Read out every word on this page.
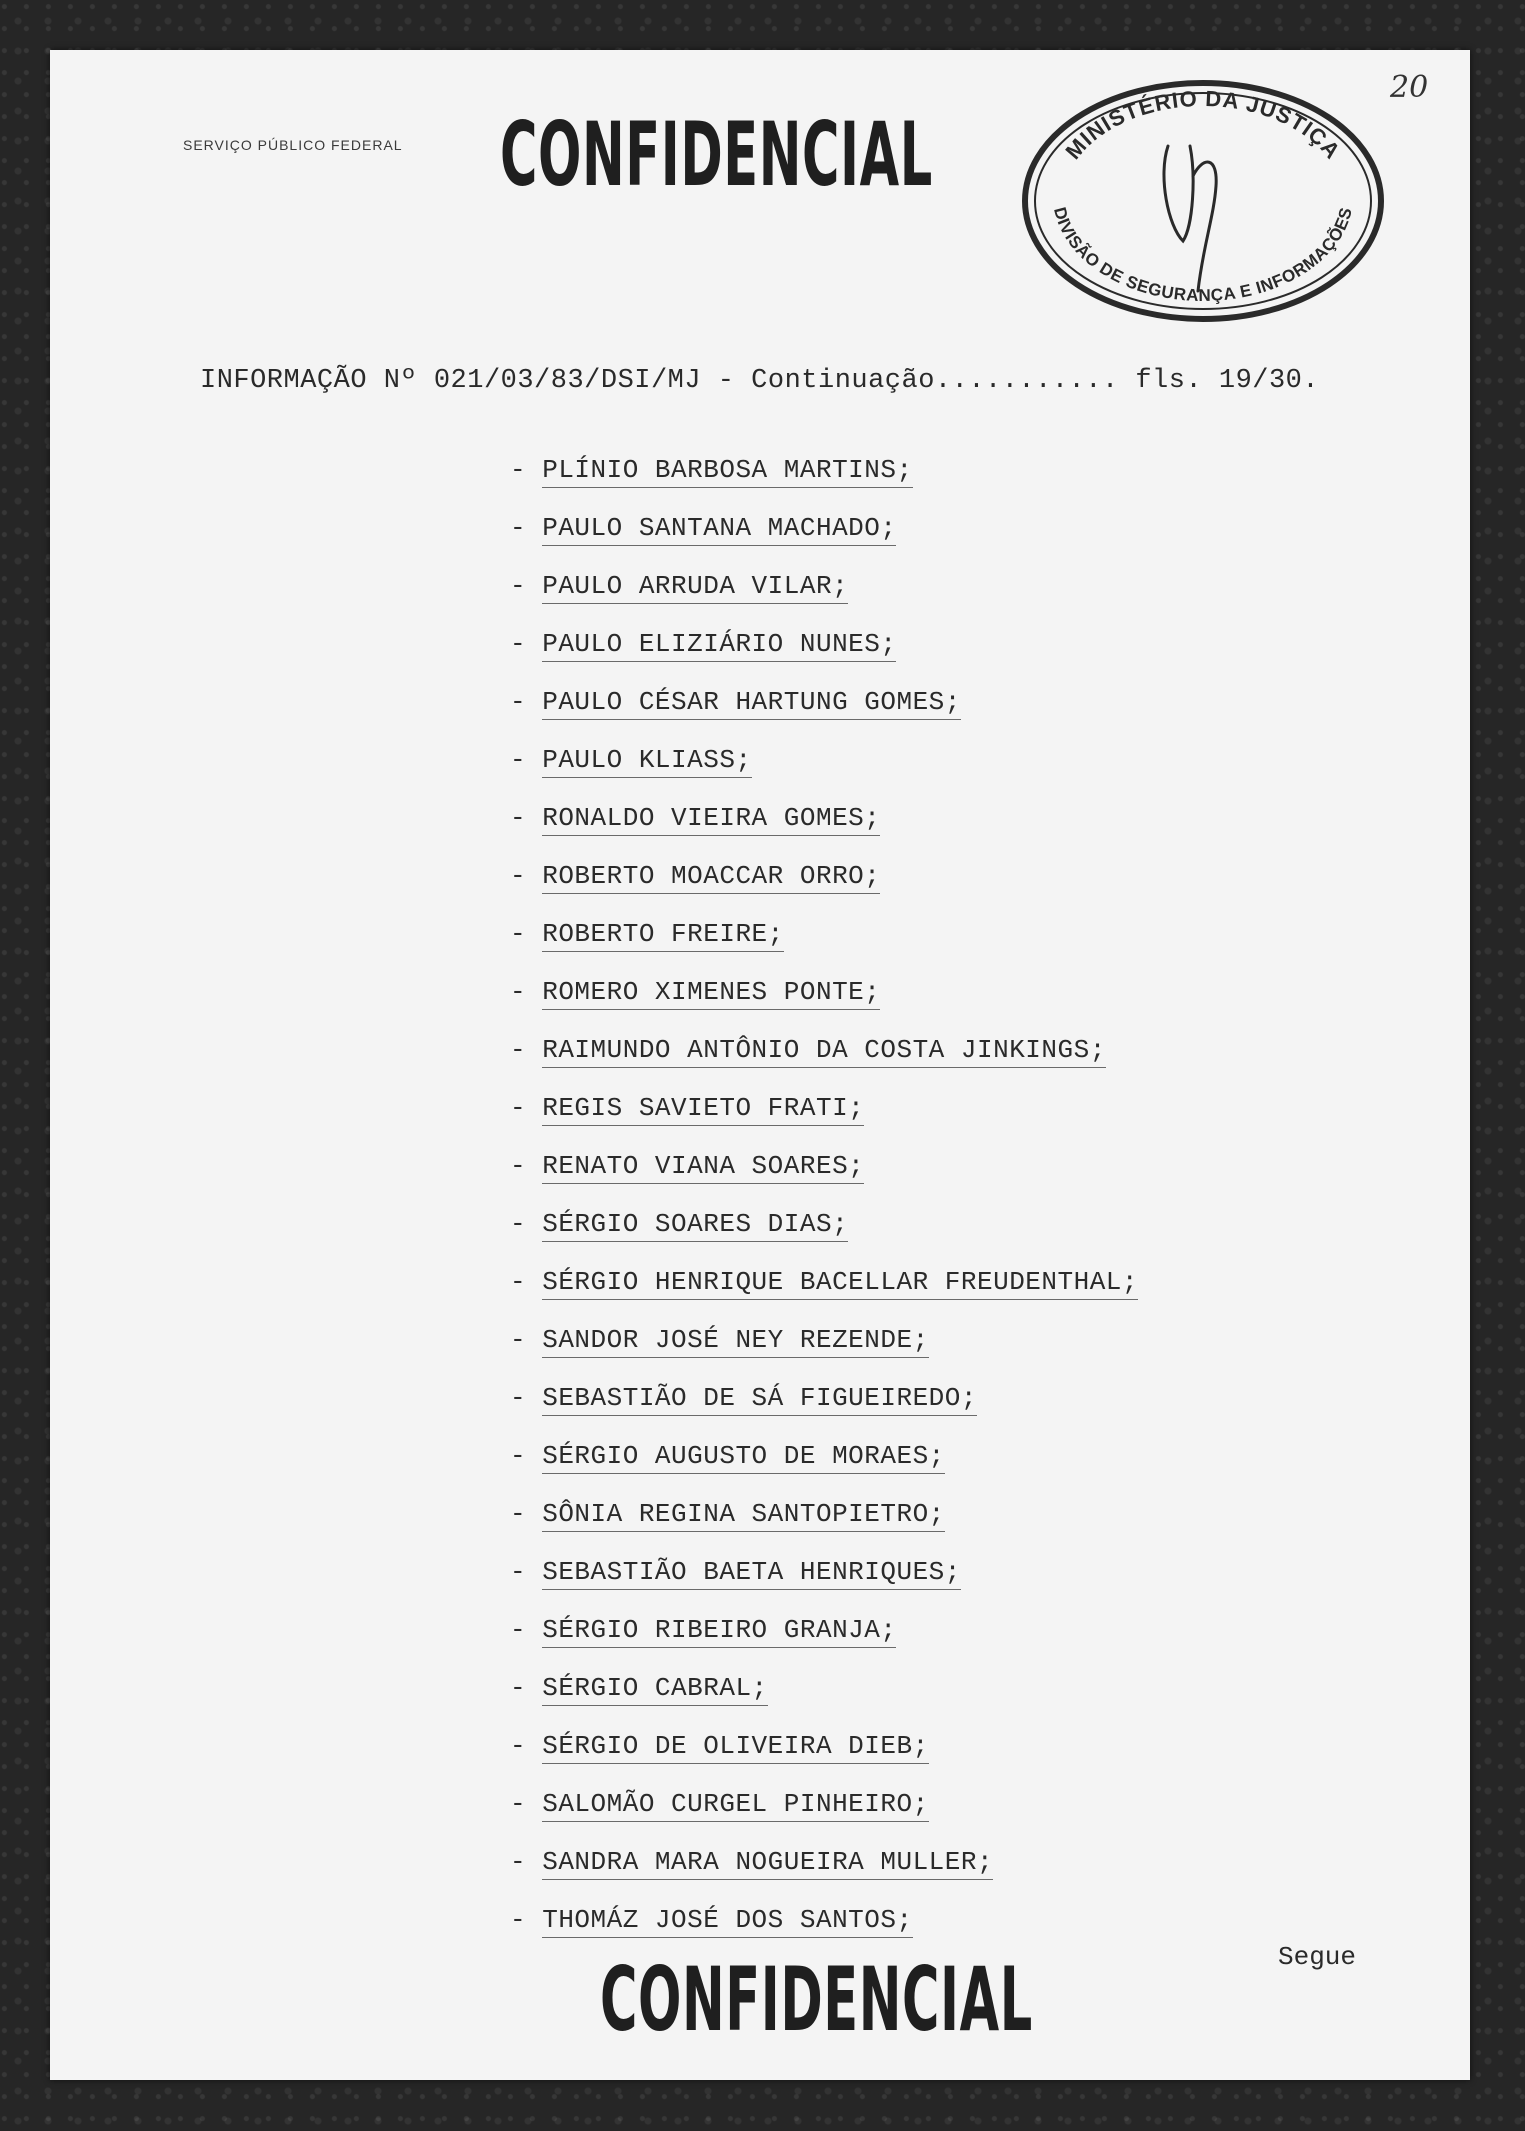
SERVIÇO PÚBLICO FEDERAL CONFIDENCIAL
20
MINISTÉRIO DA JUSTIÇA
DIVISÃO DE SEGURANÇA E INFORMAÇÕES
INFORMAÇÃO Nº 021/03/83/DSI/MJ - Continuação........... fls. 19/30.
- PLÍNIO BARBOSA MARTINS;
- PAULO SANTANA MACHADO;
- PAULO ARRUDA VILAR;
- PAULO ELIZIÁRIO NUNES;
- PAULO CÉSAR HARTUNG GOMES;
- PAULO KLIASS;
- RONALDO VIEIRA GOMES;
- ROBERTO MOACCAR ORRO;
- ROBERTO FREIRE;
- ROMERO XIMENES PONTE;
- RAIMUNDO ANTÔNIO DA COSTA JINKINGS;
- REGIS SAVIETO FRATI;
- RENATO VIANA SOARES;
- SÉRGIO SOARES DIAS;
- SÉRGIO HENRIQUE BACELLAR FREUDENTHAL;
- SANDOR JOSÉ NEY REZENDE;
- SEBASTIÃO DE SÁ FIGUEIREDO;
- SÉRGIO AUGUSTO DE MORAES;
- SÔNIA REGINA SANTOPIETRO;
- SEBASTIÃO BAETA HENRIQUES;
- SÉRGIO RIBEIRO GRANJA;
- SÉRGIO CABRAL;
- SÉRGIO DE OLIVEIRA DIEB;
- SALOMÃO CURGEL PINHEIRO;
- SANDRA MARA NOGUEIRA MULLER;
- THOMÁZ JOSÉ DOS SANTOS;
Segue
CONFIDENCIAL
